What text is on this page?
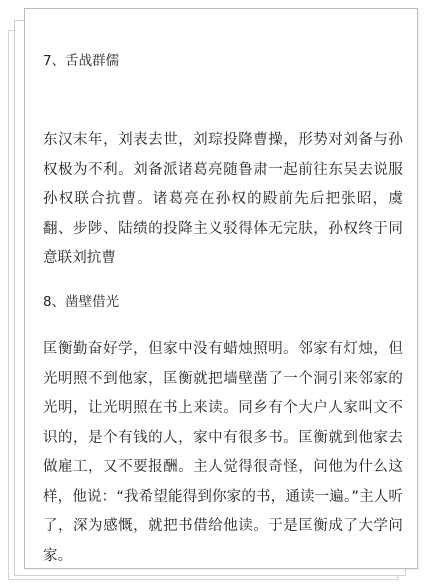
7、舌战群儒
东汉末年，刘表去世，刘琮投降曹操，形势对刘备与孙权极为不利。刘备派诸葛亮随鲁肃一起前往东吴去说服孙权联合抗曹。诸葛亮在孙权的殿前先后把张昭，虞翻、步陟、陆绩的投降主义驳得体无完肤，孙权终于同意联刘抗曹
8、凿壁借光
匡衡勤奋好学，但家中没有蜡烛照明。邻家有灯烛，但光明照不到他家，匡衡就把墙壁凿了一个洞引来邻家的光明，让光明照在书上来读。同乡有个大户人家叫文不识的，是个有钱的人，家中有很多书。匡衡就到他家去做雇工，又不要报酬。主人觉得很奇怪，问他为什么这样，他说：“我希望能得到你家的书，通读一遍。”主人听了，深为感慨，就把书借给他读。于是匡衡成了大学问家。
